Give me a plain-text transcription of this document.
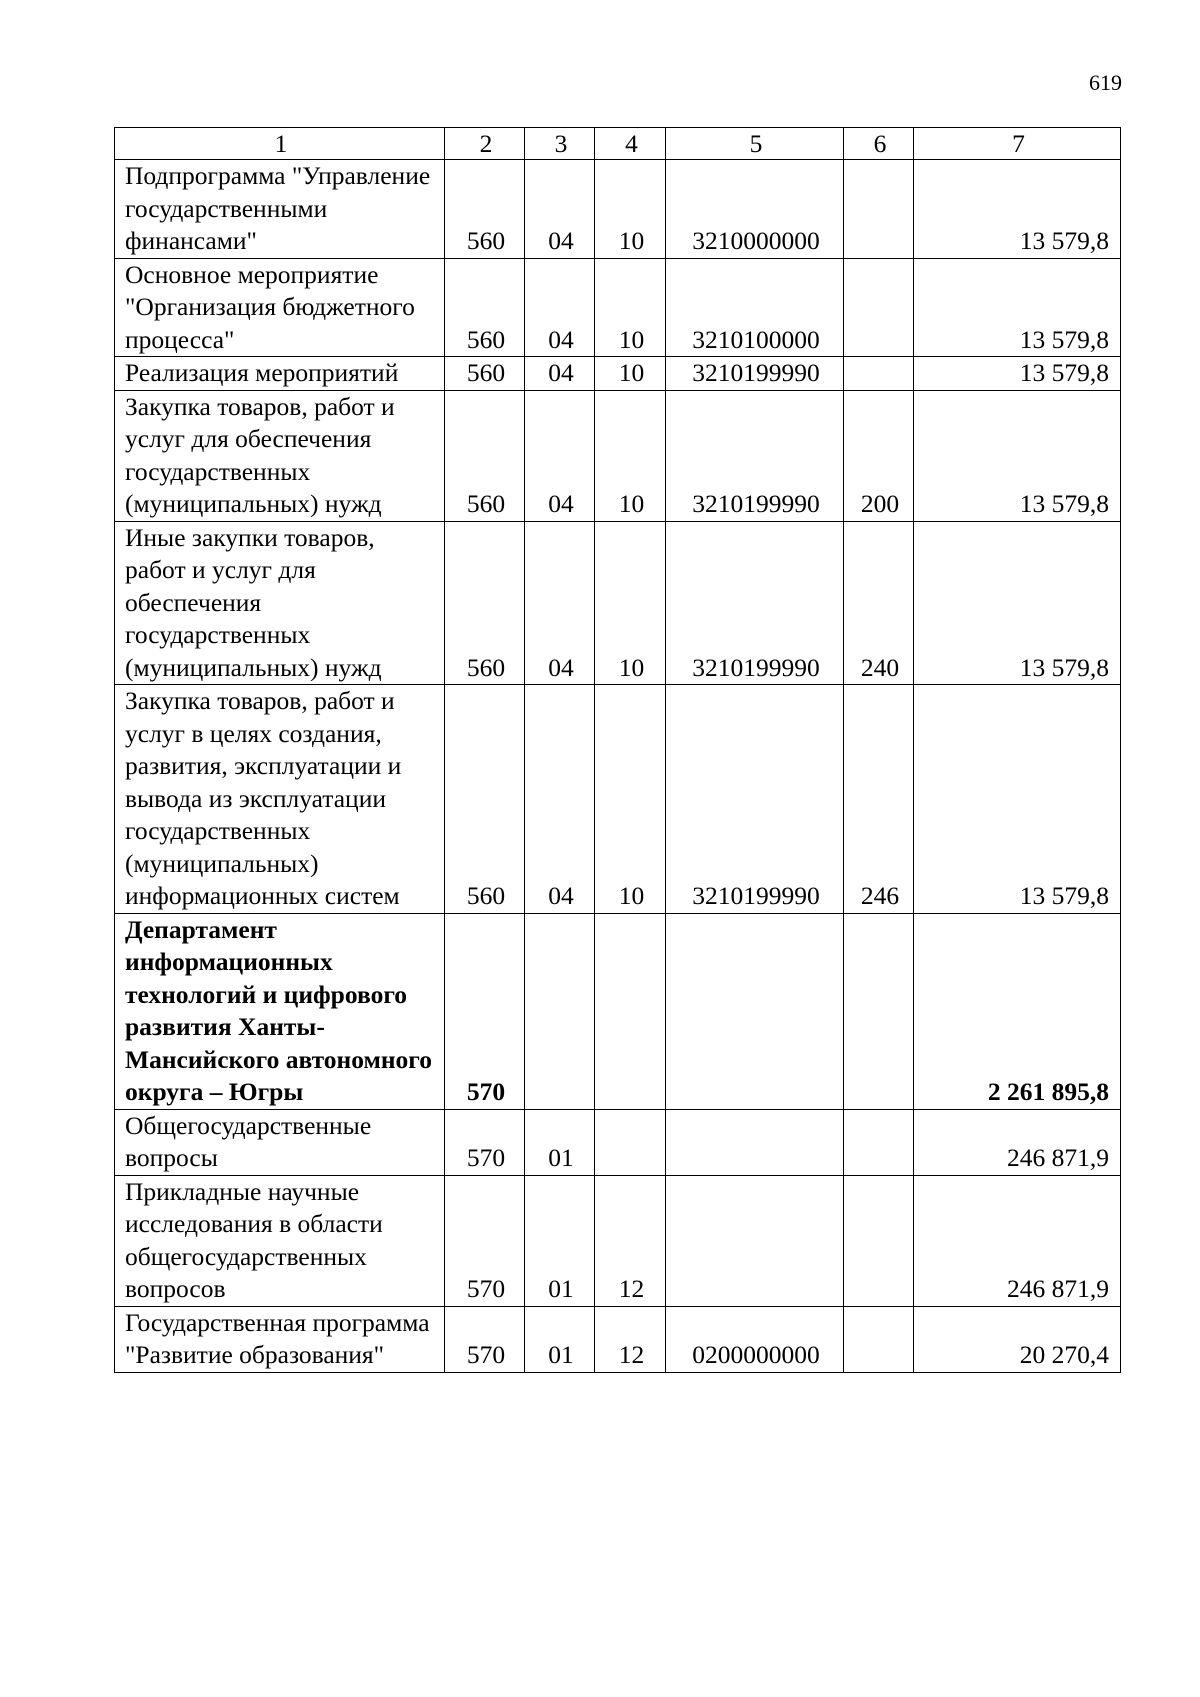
619
1	2	3	4	5	6	7
Подпрограмма "Управление государственными финансами"	560	04	10	3210000000		13 579,8
Основное мероприятие "Организация бюджетного процесса"	560	04	10	3210100000		13 579,8
Реализация мероприятий	560	04	10	3210199990		13 579,8
Закупка товаров, работ и услуг для обеспечения государственных (муниципальных) нужд	560	04	10	3210199990	200	13 579,8
Иные закупки товаров, работ и услуг для обеспечения государственных (муниципальных) нужд	560	04	10	3210199990	240	13 579,8
Закупка товаров, работ и услуг в целях создания, развития, эксплуатации и вывода из эксплуатации государственных (муниципальных) информационных систем	560	04	10	3210199990	246	13 579,8
Департамент информационных технологий и цифрового развития Ханты-Мансийского автономного округа – Югры	570					2 261 895,8
Общегосударственные вопросы	570	01				246 871,9
Прикладные научные исследования в области общегосударственных вопросов	570	01	12			246 871,9
Государственная программа "Развитие образования"	570	01	12	0200000000		20 270,4
